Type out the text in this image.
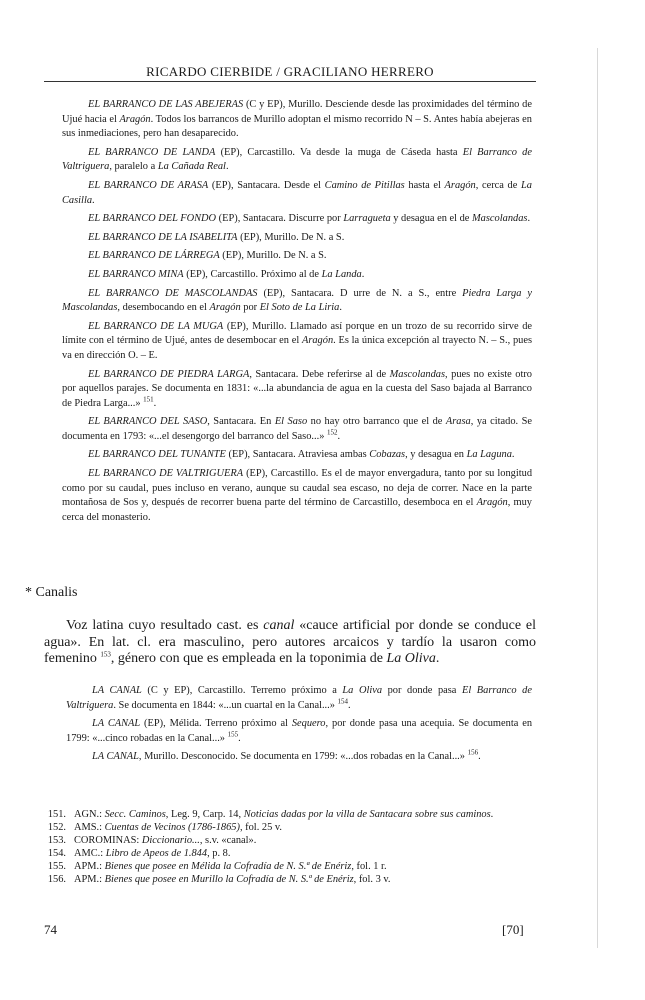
RICARDO CIERBIDE / GRACILIANO HERRERO

EL BARRANCO DE LAS ABEJERAS (C y EP), Murillo. Desciende desde las proximidades del término de Ujué hacia el Aragón. Todos los barrancos de Murillo adoptan el mismo recorrido N – S. Antes había abejeras en sus inmediaciones, pero han desaparecido.

EL BARRANCO DE LANDA (EP), Carcastillo. Va desde la muga de Cáseda hasta El Barranco de Valtriguera, paralelo a La Cañada Real.

EL BARRANCO DE ARASA (EP), Santacara. Desde el Camino de Pitillas hasta el Aragón, cerca de La Casilla.

EL BARRANCO DEL FONDO (EP), Santacara. Discurre por Larragueta y desagua en el de Mascolandas.

EL BARRANCO DE LA ISABELITA (EP), Murillo. De N. a S.

EL BARRANCO DE LÁRREGA (EP), Murillo. De N. a S.

EL BARRANCO MINA (EP), Carcastillo. Próximo al de La Landa.

EL BARRANCO DE MASCOLANDAS (EP), Santacara. D urre de N. a S., entre Piedra Larga y Mascolandas, desembocando en el Aragón por El Soto de La Liria.

EL BARRANCO DE LA MUGA (EP), Murillo. Llamado así porque en un trozo de su recorrido sirve de límite con el término de Ujué, antes de desembocar en el Aragón. Es la única excepción al trayecto N. – S., pues va en dirección O. – E.

EL BARRANCO DE PIEDRA LARGA, Santacara. Debe referirse al de Mascolandas, pues no existe otro por aquellos parajes. Se documenta en 1831: «...la abundancia de agua en la cuesta del Saso bajada al Barranco de Piedra Larga...» $^{151}$.

EL BARRANCO DEL SASO, Santacara. En El Saso no hay otro barranco que el de Arasa, ya citado. Se documenta en 1793: «...el desengorgo del barranco del Saso...» $^{152}$.

EL BARRANCO DEL TUNANTE (EP), Santacara. Atraviesa ambas Cobazas, y desagua en La Laguna.

EL BARRANCO DE VALTRIGUERA (EP), Carcastillo. Es el de mayor envergadura, tanto por su longitud como por su caudal, pues incluso en verano, aunque su caudal sea escaso, no deja de correr. Nace en la parte montañosa de Sos y, después de recorrer buena parte del término de Carcastillo, desemboca en el Aragón, muy cerca del monasterio.

* Canalis

Voz latina cuyo resultado cast. es canal «cauce artificial por donde se conduce el agua». En lat. cl. era masculino, pero autores arcaicos y tardío la usaron como femenino $^{153}$, género con que es empleada en la toponimia de La Oliva.

LA CANAL (C y EP), Carcastillo. Terremo próximo a La Oliva por donde pasa El Barranco de Valtriguera. Se documenta en 1844: «...un cuartal en la Canal...» $^{154}$.

LA CANAL (EP), Mélida. Terreno próximo al Sequero, por donde pasa una acequia. Se documenta en 1799: «...cinco robadas en la Canal...» $^{155}$.

LA CANAL, Murillo. Desconocido. Se documenta en 1799: «...dos robadas en la Canal...» $^{156}$.

151. AGN.: Secc. Caminos, Leg. 9, Carp. 14, Noticias dadas por la villa de Santacara sobre sus caminos.
152. AMS.: Cuentas de Vecinos (1786-1865), fol. 25 v.
153. COROMINAS: Diccionario..., s.v. «canal».
154. AMC.: Libro de Apeos de 1.844, p. 8.
155. APM.: Bienes que posee en Mélida la Cofradía de N. S.ª de Enériz, fol. 1 r.
156. APM.: Bienes que posee en Murillo la Cofradía de N. S.ª de Enériz, fol. 3 v.
74	[70]
